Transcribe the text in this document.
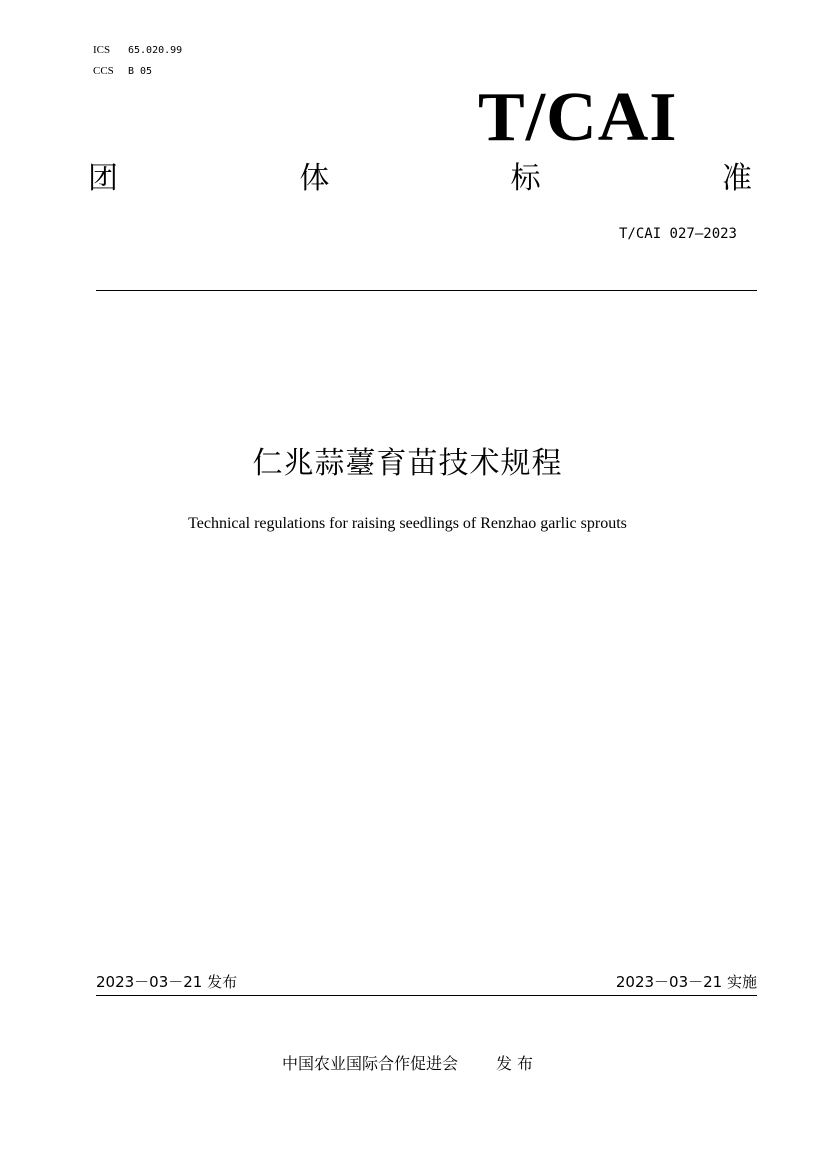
ICS	65.020.99
CCS	B 05
T/CAI
团	体	标	准
T/CAI 027—2023
仁兆蒜薹育苗技术规程
Technical regulations for raising seedlings of Renzhao garlic sprouts
2023－03－21 发布	2023－03－21 实施
中国农业国际合作促进会 发 布
